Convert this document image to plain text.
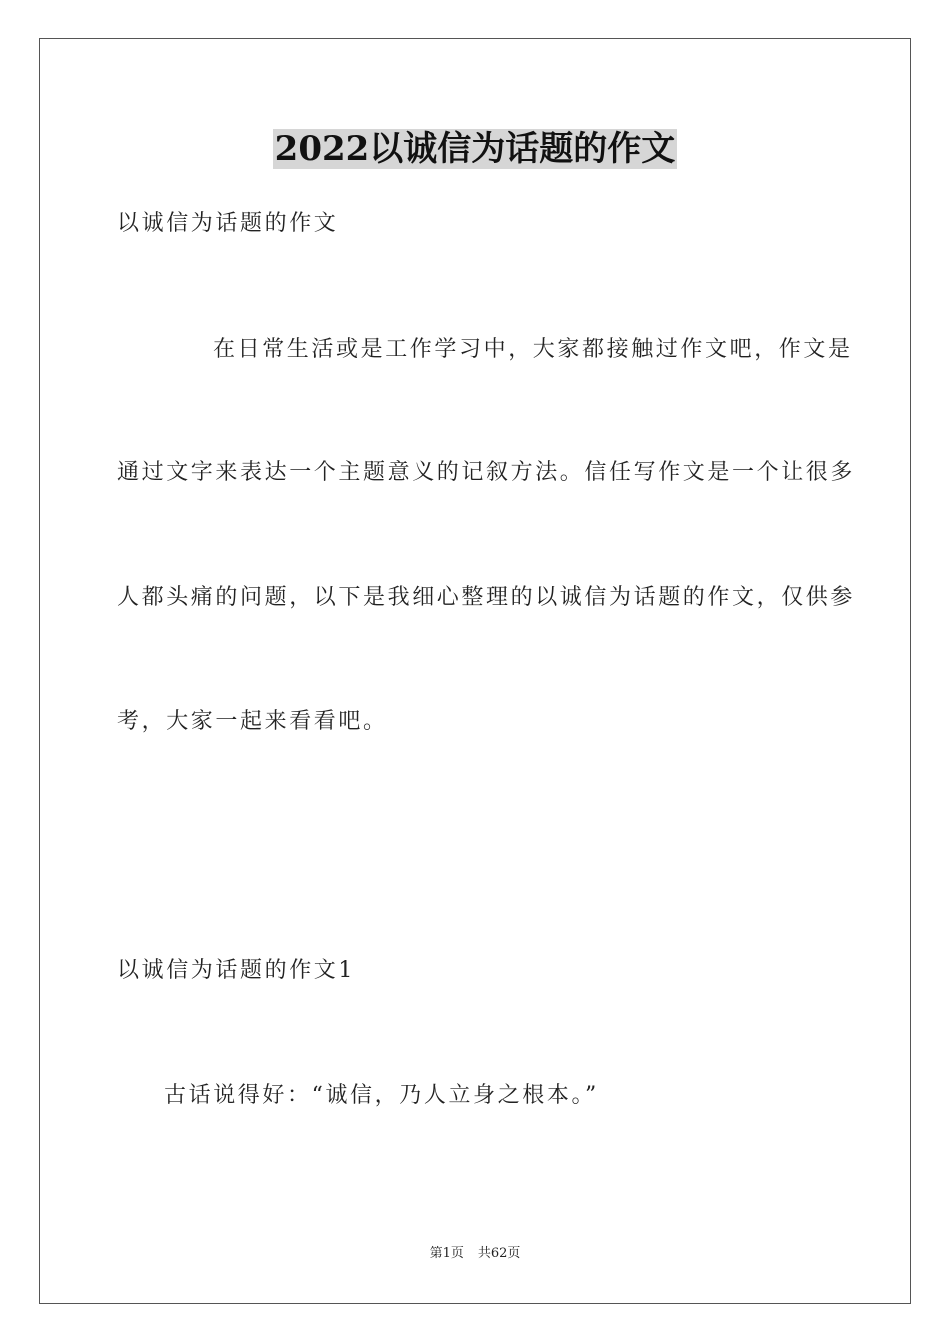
2022以诚信为话题的作文
以诚信为话题的作文
在日常生活或是工作学习中，大家都接触过作文吧，作文是
通过文字来表达一个主题意义的记叙方法。信任写作文是一个让很多
人都头痛的问题，以下是我细心整理的以诚信为话题的作文，仅供参
考，大家一起来看看吧。
以诚信为话题的作文1
古话说得好：“诚信，乃人立身之根本。”
第1页 共62页
